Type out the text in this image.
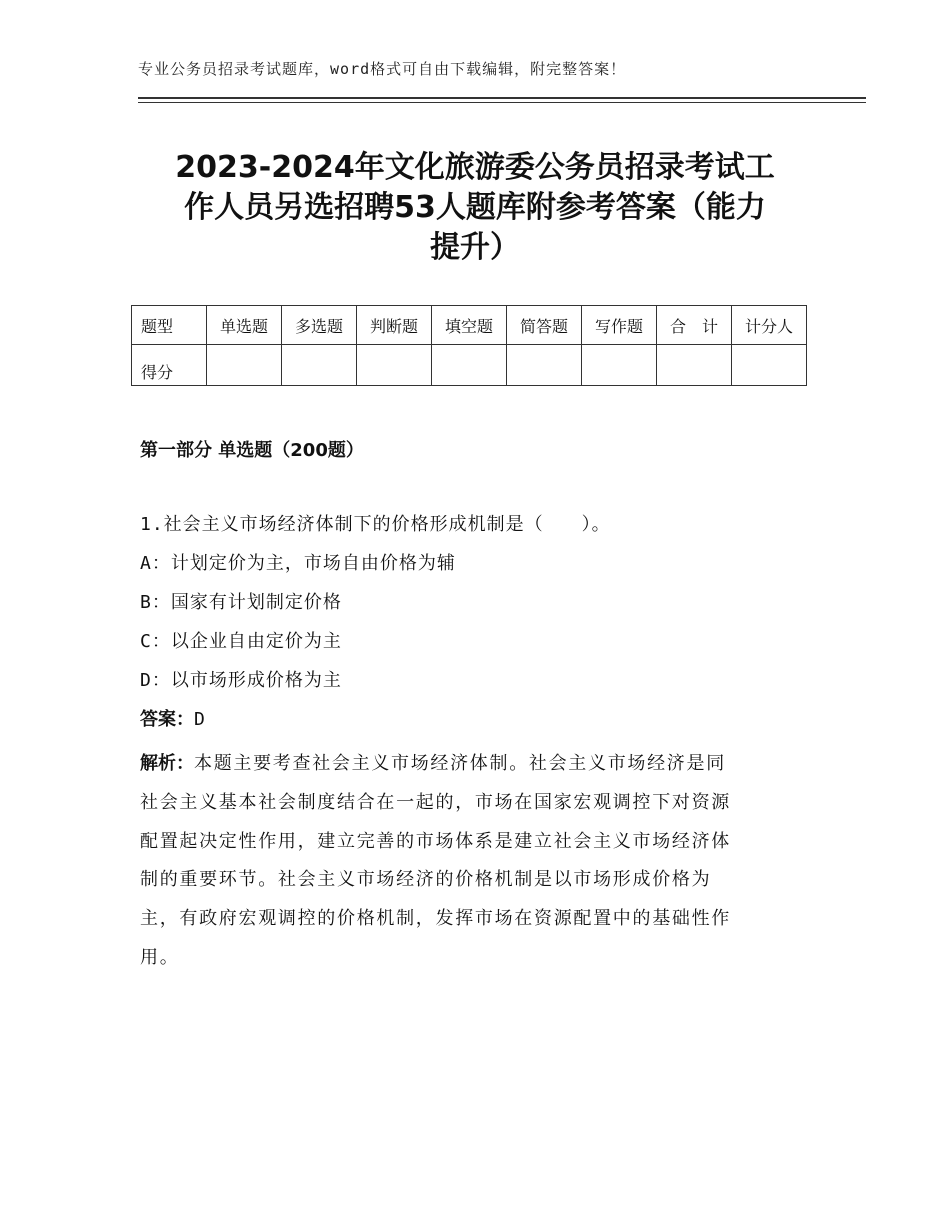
专业公务员招录考试题库，word格式可自由下载编辑，附完整答案！
2023-2024年文化旅游委公务员招录考试工
作人员另选招聘53人题库附参考答案（能力
提升）
题型	单选题	多选题	判断题	填空题	简答题	写作题	合　计	计分人
得分								
第一部分 单选题（200题）
1.社会主义市场经济体制下的价格形成机制是（　　）。
A：计划定价为主，市场自由价格为辅
B：国家有计划制定价格
C：以企业自由定价为主
D：以市场形成价格为主
答案：D
解析：本题主要考查社会主义市场经济体制。社会主义市场经济是同
社会主义基本社会制度结合在一起的，市场在国家宏观调控下对资源
配置起决定性作用，建立完善的市场体系是建立社会主义市场经济体
制的重要环节。社会主义市场经济的价格机制是以市场形成价格为
主，有政府宏观调控的价格机制，发挥市场在资源配置中的基础性作
用。
